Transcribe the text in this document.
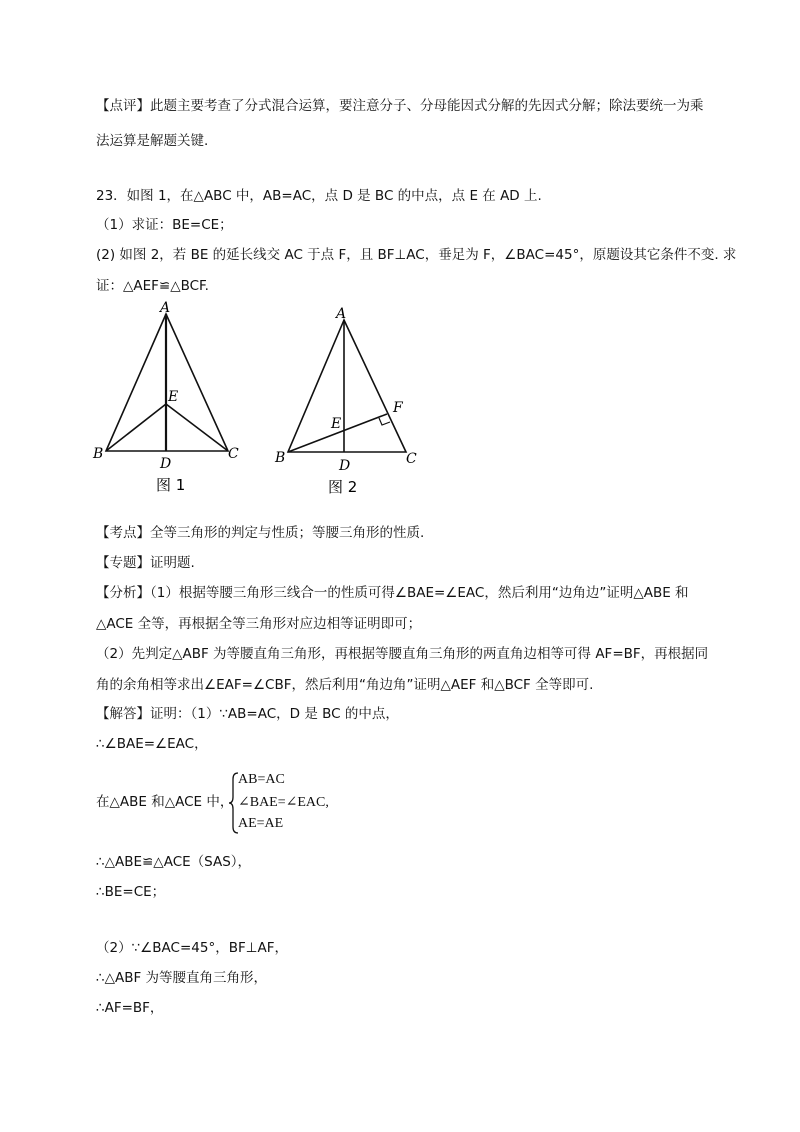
【点评】此题主要考查了分式混合运算，要注意分子、分母能因式分解的先因式分解；除法要统一为乘
法运算是解题关键.
23．如图 1，在△ABC 中，AB=AC，点 D 是 BC 的中点，点 E 在 AD 上.
（1）求证：BE=CE；
(2) 如图 2，若 BE 的延长线交 AC 于点 F，且 BF⊥AC，垂足为 F，∠BAC=45°，原题设其它条件不变. 求
证：△AEF≌△BCF.
A
E
B	C
D
图 1
A
E
F
B	C
D
图 2
【考点】全等三角形的判定与性质；等腰三角形的性质.
【专题】证明题.
【分析】（1）根据等腰三角形三线合一的性质可得∠BAE=∠EAC，然后利用“边角边”证明△ABE 和
△ACE 全等，再根据全等三角形对应边相等证明即可；
（2）先判定△ABF 为等腰直角三角形，再根据等腰直角三角形的两直角边相等可得 AF=BF，再根据同
角的余角相等求出∠EAF=∠CBF，然后利用“角边角”证明△AEF 和△BCF 全等即可.
【解答】证明：（1）∵AB=AC，D 是 BC 的中点，
∴∠BAE=∠EAC，
在△ABE 和△ACE 中，
AB=AC
∠BAE=∠EAC,
AE=AE
∴△ABE≌△ACE（SAS），
∴BE=CE；
（2）∵∠BAC=45°，BF⊥AF，
∴△ABF 为等腰直角三角形，
∴AF=BF，
